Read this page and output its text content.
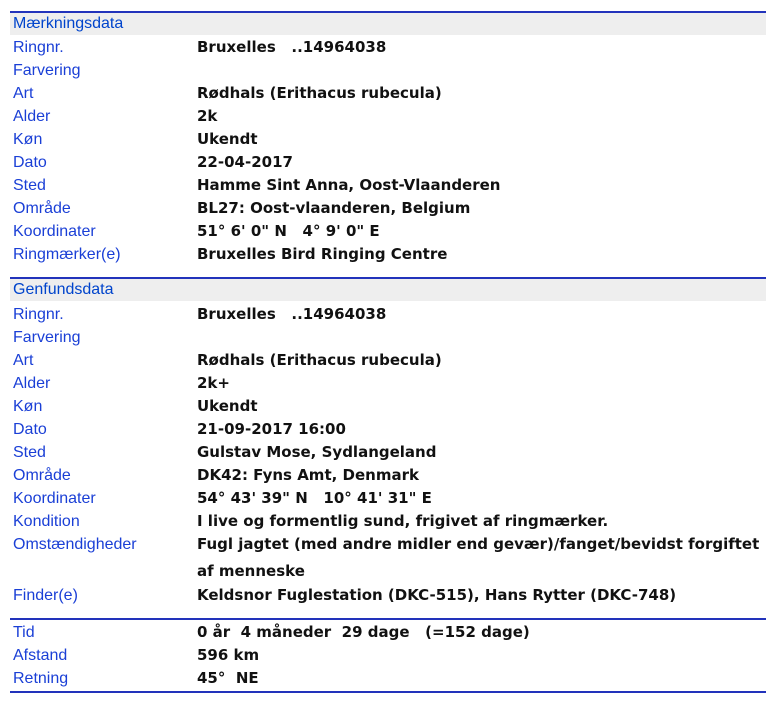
Mærkningsdata
Ringnr.	Bruxelles   ..14964038
Farvering
Art	Rødhals (Erithacus rubecula)
Alder	2k
Køn	Ukendt
Dato	22-04-2017
Sted	Hamme Sint Anna, Oost-Vlaanderen
Område	BL27: Oost-vlaanderen, Belgium
Koordinater	51° 6' 0" N   4° 9' 0" E
Ringmærker(e)	Bruxelles Bird Ringing Centre
Genfundsdata
Ringnr.	Bruxelles   ..14964038
Farvering
Art	Rødhals (Erithacus rubecula)
Alder	2k+
Køn	Ukendt
Dato	21-09-2017 16:00
Sted	Gulstav Mose, Sydlangeland
Område	DK42: Fyns Amt, Denmark
Koordinater	54° 43' 39" N   10° 41' 31" E
Kondition	I live og formentlig sund, frigivet af ringmærker.
Omstændigheder	Fugl jagtet (med andre midler end gevær)/fanget/bevidst forgiftet af menneske
Finder(e)	Keldsnor Fuglestation (DKC-515), Hans Rytter (DKC-748)
Tid	0 år  4 måneder  29 dage   (=152 dage)
Afstand	596 km
Retning	45°  NE
